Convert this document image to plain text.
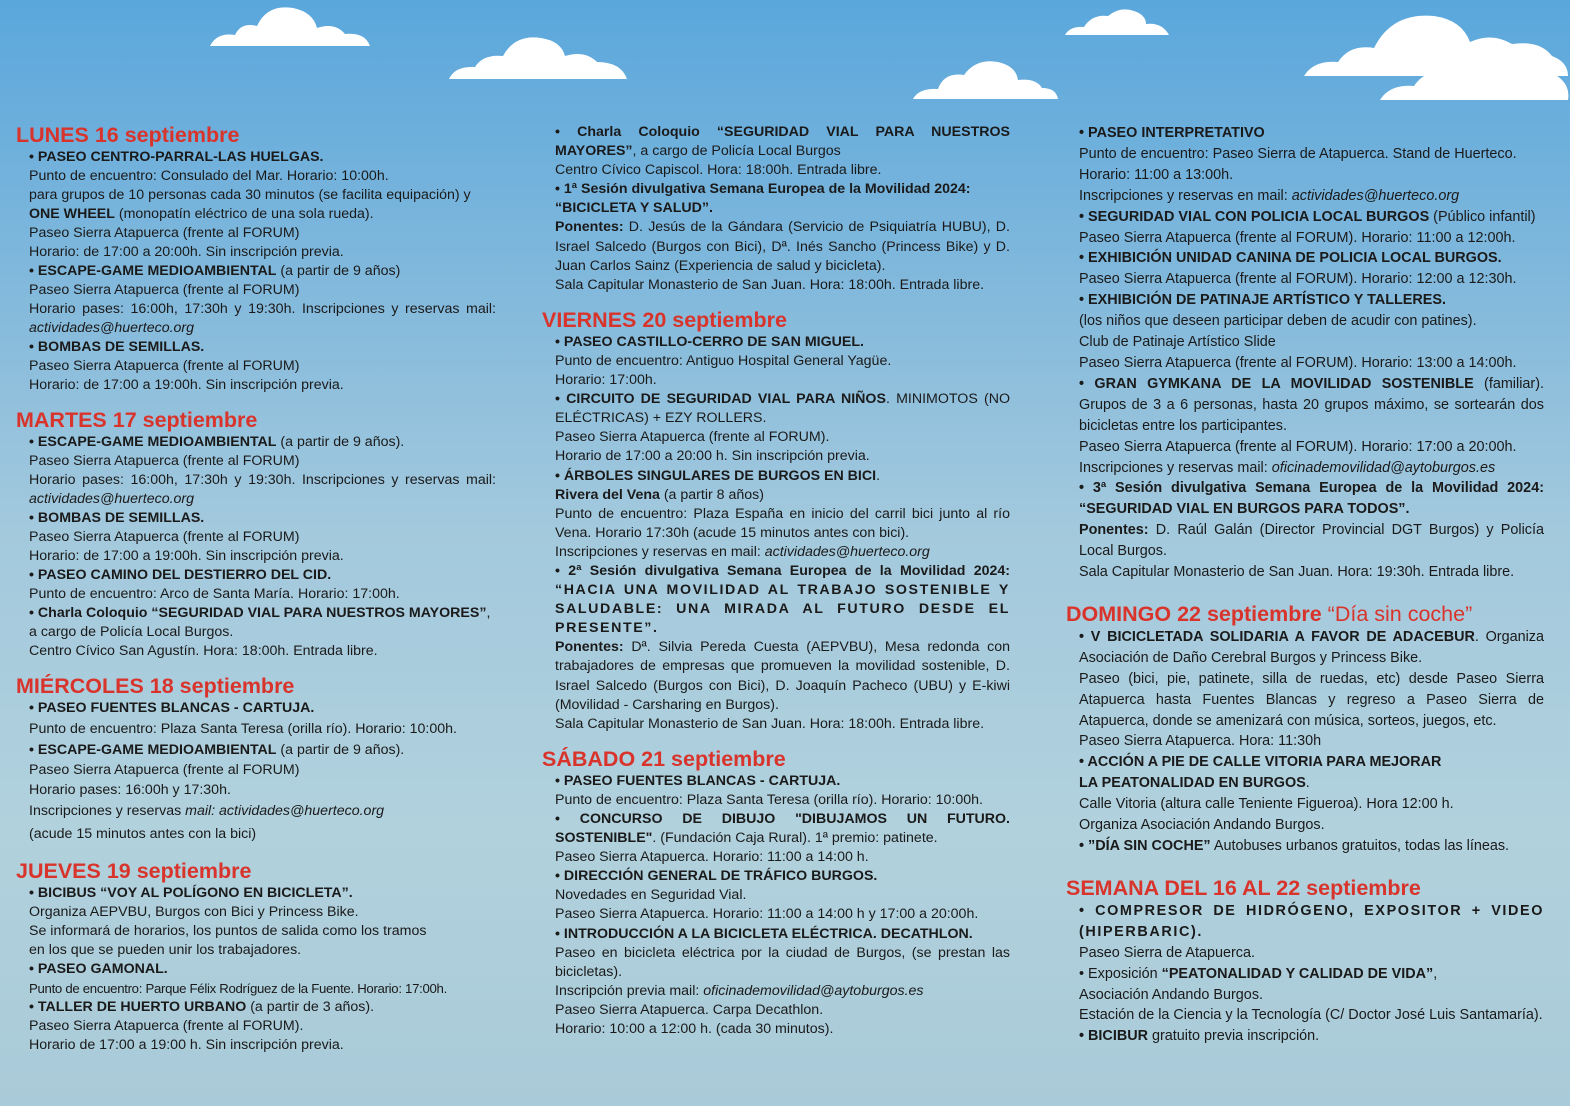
LUNES 16 septiembre

• PASEO CENTRO-PARRAL-LAS HUELGAS.

Punto de encuentro: Consulado del Mar. Horario: 10:00h.

para grupos de 10 personas cada 30 minutos (se facilita equipación) y ONE WHEEL (monopatín eléctrico de una sola rueda).

Paseo Sierra Atapuerca (frente al FORUM)

Horario: de 17:00 a 20:00h. Sin inscripción previa.

• ESCAPE-GAME MEDIOAMBIENTAL (a partir de 9 años)

Paseo Sierra Atapuerca (frente al FORUM)

Horario pases: 16:00h, 17:30h y 19:30h. Inscripciones y reservas mail: actividades@huerteco.org

• BOMBAS DE SEMILLAS.

Paseo Sierra Atapuerca (frente al FORUM)

Horario: de 17:00 a 19:00h. Sin inscripción previa.

MARTES 17 septiembre

• ESCAPE-GAME MEDIOAMBIENTAL (a partir de 9 años).

Paseo Sierra Atapuerca (frente al FORUM)

Horario pases: 16:00h, 17:30h y 19:30h. Inscripciones y reservas mail: actividades@huerteco.org

• BOMBAS DE SEMILLAS.

Paseo Sierra Atapuerca (frente al FORUM)

Horario: de 17:00 a 19:00h. Sin inscripción previa.

• PASEO CAMINO DEL DESTIERRO DEL CID.

Punto de encuentro: Arco de Santa María. Horario: 17:00h.

• Charla Coloquio “SEGURIDAD VIAL PARA NUESTROS MAYORES”, a cargo de Policía Local Burgos.

Centro Cívico San Agustín. Hora: 18:00h. Entrada libre.

MIÉRCOLES 18 septiembre

• PASEO FUENTES BLANCAS - CARTUJA.

Punto de encuentro: Plaza Santa Teresa (orilla río). Horario: 10:00h.

• ESCAPE-GAME MEDIOAMBIENTAL (a partir de 9 años).

Paseo Sierra Atapuerca (frente al FORUM)

Horario pases: 16:00h y 17:30h.

Inscripciones y reservas mail: actividades@huerteco.org

(acude 15 minutos antes con la bici)

JUEVES 19 septiembre

• BICIBUS “VOY AL POLÍGONO EN BICICLETA”.

Organiza AEPVBU, Burgos con Bici y Princess Bike.

Se informará de horarios, los puntos de salida como los tramos

en los que se pueden unir los trabajadores.

• PASEO GAMONAL.

Punto de encuentro: Parque Félix Rodríguez de la Fuente. Horario: 17:00h.

• TALLER DE HUERTO URBANO (a partir de 3 años).

Paseo Sierra Atapuerca (frente al FORUM).

Horario de 17:00 a 19:00 h. Sin inscripción previa.

• Charla Coloquio “SEGURIDAD VIAL PARA NUESTROS MAYORES”, a cargo de Policía Local Burgos

Centro Cívico Capiscol. Hora: 18:00h. Entrada libre.

• 1ª Sesión divulgativa Semana Europea de la Movilidad 2024: “BICICLETA Y SALUD”.

Ponentes: D. Jesús de la Gándara (Servicio de Psiquiatría HUBU), D. Israel Salcedo (Burgos con Bici), Dª. Inés Sancho (Princess Bike) y D. Juan Carlos Sainz (Experiencia de salud y bicicleta).

Sala Capitular Monasterio de San Juan. Hora: 18:00h. Entrada libre.

VIERNES 20 septiembre

• PASEO CASTILLO-CERRO DE SAN MIGUEL.

Punto de encuentro: Antiguo Hospital General Yagüe.

Horario: 17:00h.

• CIRCUITO DE SEGURIDAD VIAL PARA NIÑOS. MINIMOTOS (NO ELÉCTRICAS) + EZY ROLLERS.

Paseo Sierra Atapuerca (frente al FORUM).

Horario de 17:00 a 20:00 h. Sin inscripción previa.

• ÁRBOLES SINGULARES DE BURGOS EN BICI.

Rivera del Vena (a partir 8 años)

Punto de encuentro: Plaza España en inicio del carril bici junto al río Vena. Horario 17:30h (acude 15 minutos antes con bici).

Inscripciones y reservas en mail: actividades@huerteco.org

• 2ª Sesión divulgativa Semana Europea de la Movilidad 2024: “HACIA UNA MOVILIDAD AL TRABAJO SOSTENIBLE Y SALUDABLE: UNA MIRADA AL FUTURO DESDE EL PRESENTE”.

Ponentes: Dª. Silvia Pereda Cuesta (AEPVBU), Mesa redonda con trabajadores de empresas que promueven la movilidad sostenible, D. Israel Salcedo (Burgos con Bici), D. Joaquín Pacheco (UBU) y E-kiwi (Movilidad - Carsharing en Burgos).

Sala Capitular Monasterio de San Juan. Hora: 18:00h. Entrada libre.

SÁBADO 21 septiembre

• PASEO FUENTES BLANCAS - CARTUJA.

Punto de encuentro: Plaza Santa Teresa (orilla río). Horario: 10:00h.

• CONCURSO DE DIBUJO "DIBUJAMOS UN FUTURO. SOSTENIBLE". (Fundación Caja Rural). 1ª premio: patinete.

Paseo Sierra Atapuerca. Horario: 11:00 a 14:00 h.

• DIRECCIÓN GENERAL DE TRÁFICO BURGOS.

Novedades en Seguridad Vial.

Paseo Sierra Atapuerca. Horario: 11:00 a 14:00 h y 17:00 a 20:00h.

• INTRODUCCIÓN A LA BICICLETA ELÉCTRICA. DECATHLON.

Paseo en bicicleta eléctrica por la ciudad de Burgos, (se prestan las bicicletas).

Inscripción previa mail: oficinademovilidad@aytoburgos.es

Paseo Sierra Atapuerca. Carpa Decathlon.

Horario: 10:00 a 12:00 h. (cada 30 minutos).

• PASEO INTERPRETATIVO

Punto de encuentro: Paseo Sierra de Atapuerca. Stand de Huerteco.

Horario: 11:00 a 13:00h.

Inscripciones y reservas en mail: actividades@huerteco.org

• SEGURIDAD VIAL CON POLICIA LOCAL BURGOS (Público infantil)

Paseo Sierra Atapuerca (frente al FORUM). Horario: 11:00 a 12:00h.

• EXHIBICIÓN UNIDAD CANINA DE POLICIA LOCAL BURGOS.

Paseo Sierra Atapuerca (frente al FORUM). Horario: 12:00 a 12:30h.

• EXHIBICIÓN DE PATINAJE ARTÍSTICO Y TALLERES.

(los niños que deseen participar deben de acudir con patines).

Club de Patinaje Artístico Slide

Paseo Sierra Atapuerca (frente al FORUM). Horario: 13:00 a 14:00h.

• GRAN GYMKANA DE LA MOVILIDAD SOSTENIBLE (familiar). Grupos de 3 a 6 personas, hasta 20 grupos máximo, se sortearán dos bicicletas entre los participantes.

Paseo Sierra Atapuerca (frente al FORUM). Horario: 17:00 a 20:00h.

Inscripciones y reservas mail: oficinademovilidad@aytoburgos.es

• 3ª Sesión divulgativa Semana Europea de la Movilidad 2024: “SEGURIDAD VIAL EN BURGOS PARA TODOS”.

Ponentes: D. Raúl Galán (Director Provincial DGT Burgos) y Policía Local Burgos.

Sala Capitular Monasterio de San Juan. Hora: 19:30h. Entrada libre.

DOMINGO 22 septiembre “Día sin coche”

• V BICICLETADA SOLIDARIA A FAVOR DE ADACEBUR. Organiza Asociación de Daño Cerebral Burgos y Princess Bike.

Paseo (bici, pie, patinete, silla de ruedas, etc) desde Paseo Sierra Atapuerca hasta Fuentes Blancas y regreso a Paseo Sierra de Atapuerca, donde se amenizará con música, sorteos, juegos, etc.

Paseo Sierra Atapuerca. Hora: 11:30h

• ACCIÓN A PIE DE CALLE VITORIA PARA MEJORAR

LA PEATONALIDAD EN BURGOS.

Calle Vitoria (altura calle Teniente Figueroa). Hora 12:00 h.

Organiza Asociación Andando Burgos.

• ”DÍA SIN COCHE” Autobuses urbanos gratuitos, todas las líneas.

SEMANA DEL 16 AL 22 septiembre

• COMPRESOR DE HIDRÓGENO, EXPOSITOR + VIDEO (HIPERBARIC).

Paseo Sierra de Atapuerca.

• Exposición “PEATONALIDAD Y CALIDAD DE VIDA”,

Asociación Andando Burgos.

Estación de la Ciencia y la Tecnología (C/ Doctor José Luis Santamaría).

• BICIBUR gratuito previa inscripción.
